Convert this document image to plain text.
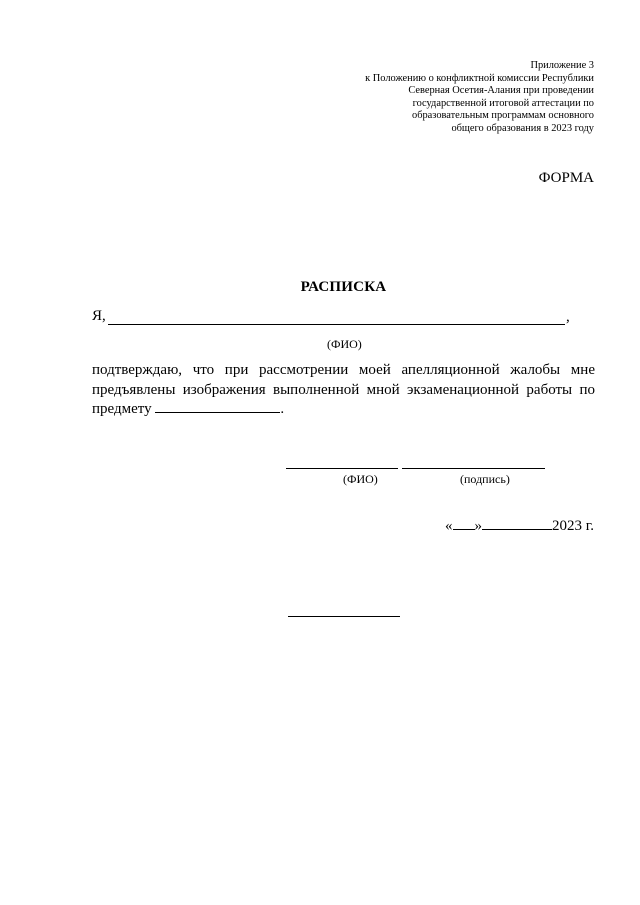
Приложение 3
к Положению о конфликтной комиссии Республики
Северная Осетия-Алания при проведении
государственной итоговой аттестации по
образовательным программам основного
общего образования в 2023 году
ФОРМА
РАСПИСКА
Я,	,
(ФИО)
подтверждаю, что при рассмотрении моей апелляционной жалобы мне предъявлены изображения выполненной мной экзаменационной работы по предмету	.
(ФИО)	(подпись)
« »	2023 г.
